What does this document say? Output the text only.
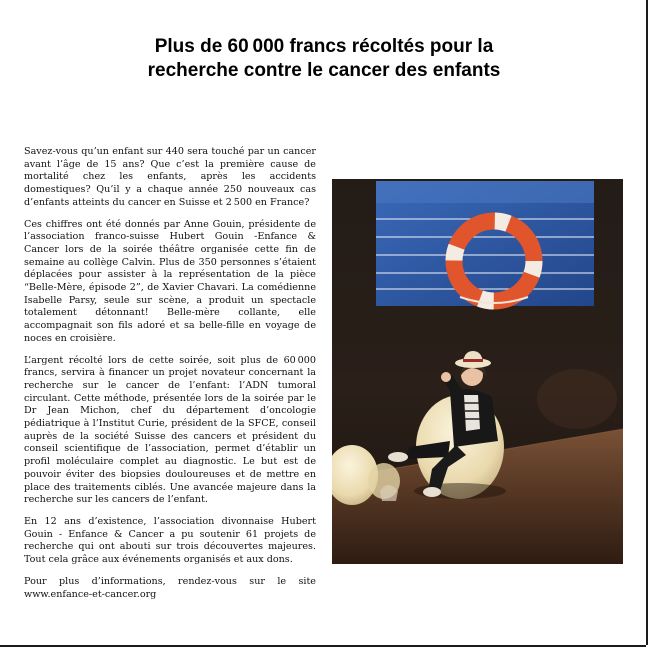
Plus de 60 000 francs récoltés pour la
recherche contre le cancer des enfants

Savez-vous qu’un enfant sur 440 sera touché par un cancer avant l’âge de 15 ans? Que c’est la première cause de mortalité chez les enfants, après les accidents domestiques? Qu’il y a chaque année 250 nouveaux cas d’enfants atteints du cancer en Suisse et 2 500 en France?

Ces chiffres ont été donnés par Anne Gouin, présidente de l’association franco-suisse Hubert Gouin -Enfance & Cancer lors de la soirée théâtre organisée cette fin de semaine au collège Calvin. Plus de 350 personnes s’étaient déplacées pour assister à la représentation de la pièce “Belle-Mère, épisode 2”, de Xavier Chavari. La comédienne Isabelle Parsy, seule sur scène, a produit un spectacle totalement détonnant! Belle-mère collante, elle accompagnait son fils adoré et sa belle-fille en voyage de noces en croisière.

L’argent récolté lors de cette soirée, soit plus de 60 000 francs, servira à financer un projet novateur concernant la recherche sur le cancer de l’enfant: l’ADN tumoral circulant. Cette méthode, présentée lors de la soirée par le Dr Jean Michon, chef du département d’oncologie pédiatrique à l’Institut Curie, président de la SFCE, conseil auprès de la société Suisse des cancers et président du conseil scientifique de l’association, permet d’établir un profil moléculaire complet au diagnostic. Le but est de pouvoir éviter des biopsies douloureuses et de mettre en place des traitements ciblés. Une avancée majeure dans la recherche sur les cancers de l’enfant.

En 12 ans d’existence, l’association divonnaise Hubert Gouin - Enfance & Cancer a pu soutenir 61 projets de recherche qui ont abouti sur trois découvertes majeures. Tout cela grâce aux événements organisés et aux dons.

Pour plus d’informations, rendez-vous sur le site www.enfance-et-cancer.org
